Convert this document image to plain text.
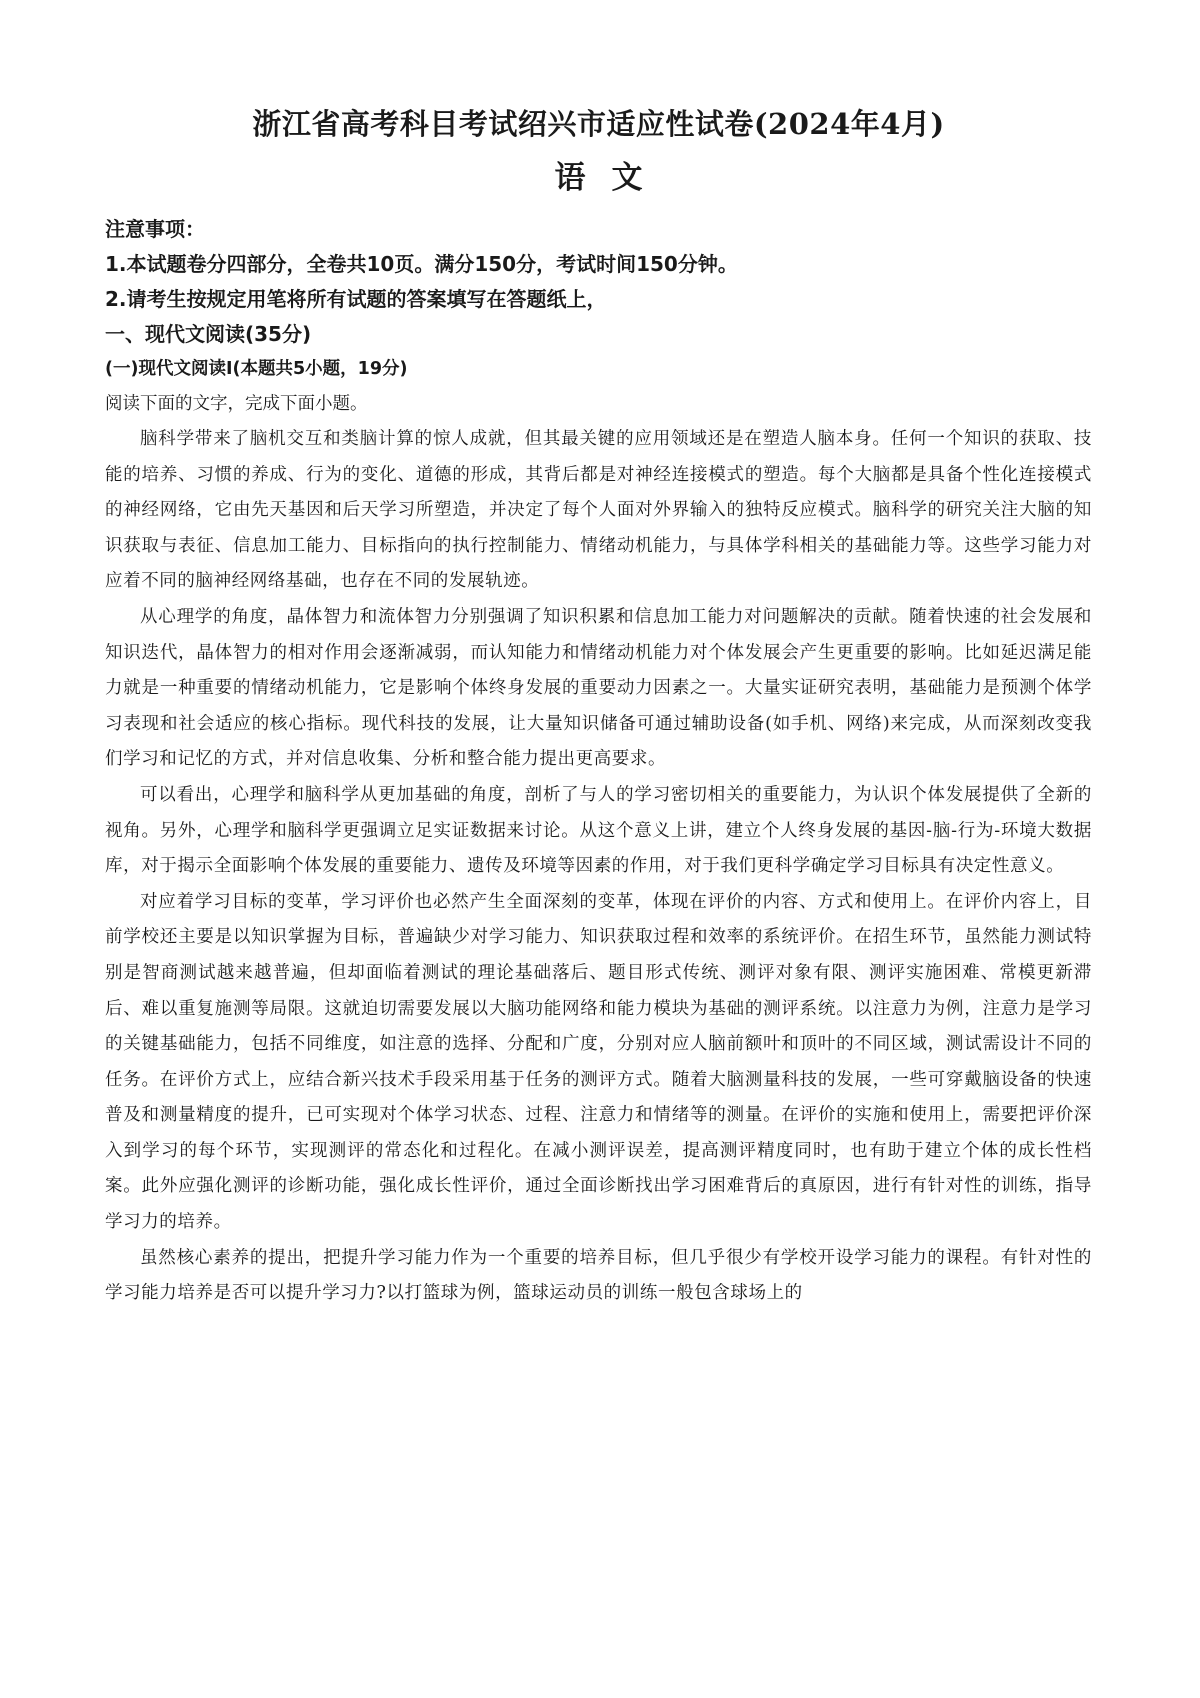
浙江省高考科目考试绍兴市适应性试卷(2024年4月)
语文

注意事项：

1.本试题卷分四部分，全卷共10页。满分150分，考试时间150分钟。

2.请考生按规定用笔将所有试题的答案填写在答题纸上，

一、现代文阅读(35分)

(一)现代文阅读Ⅰ(本题共5小题，19分)

阅读下面的文字，完成下面小题。

脑科学带来了脑机交互和类脑计算的惊人成就，但其最关键的应用领域还是在塑造人脑本身。任何一个知识的获取、技能的培养、习惯的养成、行为的变化、道德的形成，其背后都是对神经连接模式的塑造。每个大脑都是具备个性化连接模式的神经网络，它由先天基因和后天学习所塑造，并决定了每个人面对外界输入的独特反应模式。脑科学的研究关注大脑的知识获取与表征、信息加工能力、目标指向的执行控制能力、情绪动机能力，与具体学科相关的基础能力等。这些学习能力对应着不同的脑神经网络基础，也存在不同的发展轨迹。

从心理学的角度，晶体智力和流体智力分别强调了知识积累和信息加工能力对问题解决的贡献。随着快速的社会发展和知识迭代，晶体智力的相对作用会逐渐减弱，而认知能力和情绪动机能力对个体发展会产生更重要的影响。比如延迟满足能力就是一种重要的情绪动机能力，它是影响个体终身发展的重要动力因素之一。大量实证研究表明，基础能力是预测个体学习表现和社会适应的核心指标。现代科技的发展，让大量知识储备可通过辅助设备(如手机、网络)来完成，从而深刻改变我们学习和记忆的方式，并对信息收集、分析和整合能力提出更高要求。

可以看出，心理学和脑科学从更加基础的角度，剖析了与人的学习密切相关的重要能力，为认识个体发展提供了全新的视角。另外，心理学和脑科学更强调立足实证数据来讨论。从这个意义上讲，建立个人终身发展的基因-脑-行为-环境大数据库，对于揭示全面影响个体发展的重要能力、遗传及环境等因素的作用，对于我们更科学确定学习目标具有决定性意义。

对应着学习目标的变革，学习评价也必然产生全面深刻的变革，体现在评价的内容、方式和使用上。在评价内容上，目前学校还主要是以知识掌握为目标，普遍缺少对学习能力、知识获取过程和效率的系统评价。在招生环节，虽然能力测试特别是智商测试越来越普遍，但却面临着测试的理论基础落后、题目形式传统、测评对象有限、测评实施困难、常模更新滞后、难以重复施测等局限。这就迫切需要发展以大脑功能网络和能力模块为基础的测评系统。以注意力为例，注意力是学习的关键基础能力，包括不同维度，如注意的选择、分配和广度，分别对应人脑前额叶和顶叶的不同区域，测试需设计不同的任务。在评价方式上，应结合新兴技术手段采用基于任务的测评方式。随着大脑测量科技的发展，一些可穿戴脑设备的快速普及和测量精度的提升，已可实现对个体学习状态、过程、注意力和情绪等的测量。在评价的实施和使用上，需要把评价深入到学习的每个环节，实现测评的常态化和过程化。在减小测评误差，提高测评精度同时，也有助于建立个体的成长性档案。此外应强化测评的诊断功能，强化成长性评价，通过全面诊断找出学习困难背后的真原因，进行有针对性的训练，指导学习力的培养。

虽然核心素养的提出，把提升学习能力作为一个重要的培养目标，但几乎很少有学校开设学习能力的课程。有针对性的学习能力培养是否可以提升学习力?以打篮球为例，篮球运动员的训练一般包含球场上的
